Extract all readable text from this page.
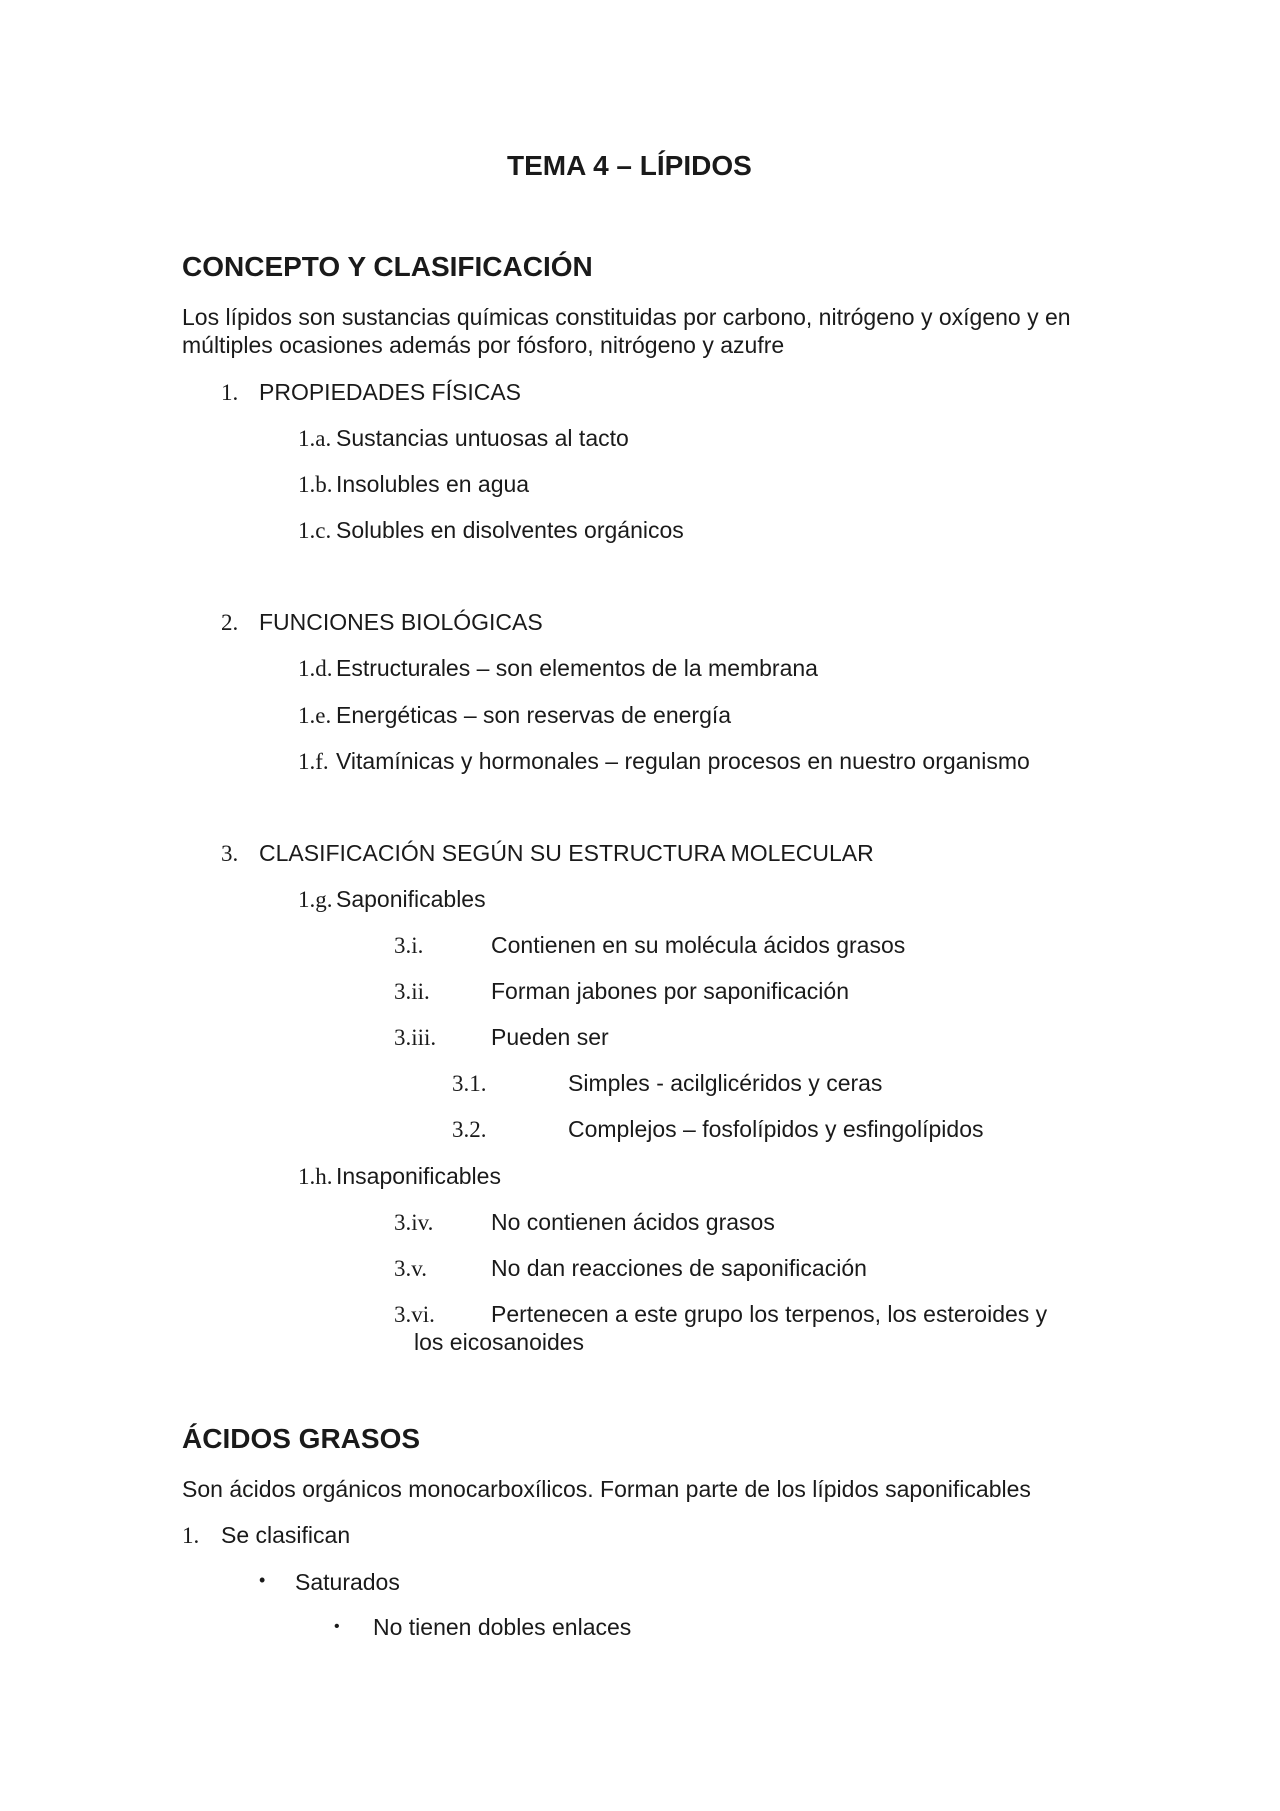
TEMA 4 – LÍPIDOS
CONCEPTO Y CLASIFICACIÓN
Los lípidos son sustancias químicas constituidas por carbono, nitrógeno y oxígeno y en
múltiples ocasiones además por fósforo, nitrógeno y azufre
1. PROPIEDADES FÍSICAS
1.a. Sustancias untuosas al tacto
1.b. Insolubles en agua
1.c. Solubles en disolventes orgánicos
2. FUNCIONES BIOLÓGICAS
1.d. Estructurales – son elementos de la membrana
1.e. Energéticas – son reservas de energía
1.f. Vitamínicas y hormonales – regulan procesos en nuestro organismo
3. CLASIFICACIÓN SEGÚN SU ESTRUCTURA MOLECULAR
1.g. Saponificables
3.i.	Contienen en su molécula ácidos grasos
3.ii.	Forman jabones por saponificación
3.iii. Pueden ser
3.1.	Simples - acilglicéridos y ceras
3.2.	Complejos – fosfolípidos y esfingolípidos
1.h. Insaponificables
3.iv.	No contienen ácidos grasos
3.v.	No dan reacciones de saponificación
3.vi. Pertenecen a este grupo los terpenos, los esteroides y
los eicosanoides
ÁCIDOS GRASOS
Son ácidos orgánicos monocarboxílicos. Forman parte de los lípidos saponificables
1. Se clasifican
• Saturados
• No tienen dobles enlaces
